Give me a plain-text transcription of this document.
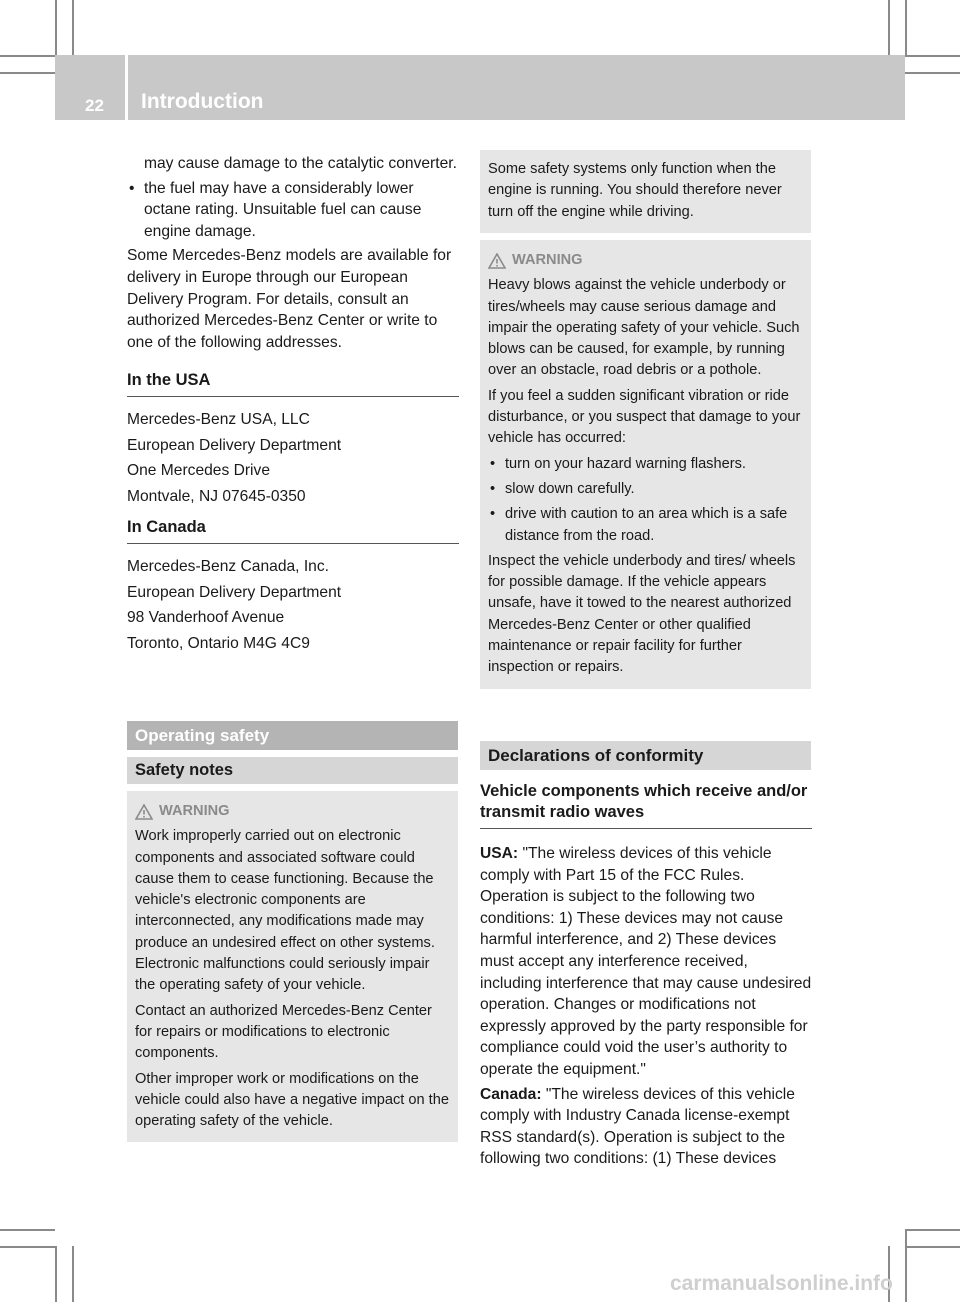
22 Introduction

may cause damage to the catalytic converter.

• the fuel may have a considerably lower octane rating. Unsuitable fuel can cause engine damage.

Some Mercedes-Benz models are available for delivery in Europe through our European Delivery Program. For details, consult an authorized Mercedes-Benz Center or write to one of the following addresses.

In the USA

Mercedes-Benz USA, LLC

European Delivery Department

One Mercedes Drive

Montvale, NJ 07645-0350

In Canada

Mercedes-Benz Canada, Inc.

European Delivery Department

98 Vanderhoof Avenue

Toronto, Ontario M4G 4C9

Operating safety
Safety notes
WARNING

Work improperly carried out on electronic components and associated software could cause them to cease functioning. Because the vehicle's electronic components are interconnected, any modifications made may produce an undesired effect on other systems. Electronic malfunctions could seriously impair the operating safety of your vehicle.

Contact an authorized Mercedes-Benz Center for repairs or modifications to electronic components.

Other improper work or modifications on the vehicle could also have a negative impact on the operating safety of the vehicle.

Some safety systems only function when the engine is running. You should therefore never turn off the engine while driving.

WARNING

Heavy blows against the vehicle underbody or tires/wheels may cause serious damage and impair the operating safety of your vehicle. Such blows can be caused, for example, by running over an obstacle, road debris or a pothole.

If you feel a sudden significant vibration or ride disturbance, or you suspect that damage to your vehicle has occurred:

• turn on your hazard warning flashers.

• slow down carefully.

• drive with caution to an area which is a safe distance from the road.

Inspect the vehicle underbody and tires/ wheels for possible damage. If the vehicle appears unsafe, have it towed to the nearest authorized Mercedes-Benz Center or other qualified maintenance or repair facility for further inspection or repairs.

Declarations of conformity
Vehicle components which receive and/or transmit radio waves

USA: "The wireless devices of this vehicle comply with Part 15 of the FCC Rules. Operation is subject to the following two conditions: 1) These devices may not cause harmful interference, and 2) These devices must accept any interference received, including interference that may cause undesired operation. Changes or modifications not expressly approved by the party responsible for compliance could void the user’s authority to operate the equipment."

Canada: "The wireless devices of this vehicle comply with Industry Canada license-exempt RSS standard(s). Operation is subject to the following two conditions: (1) These devices

carmanualsonline.info
